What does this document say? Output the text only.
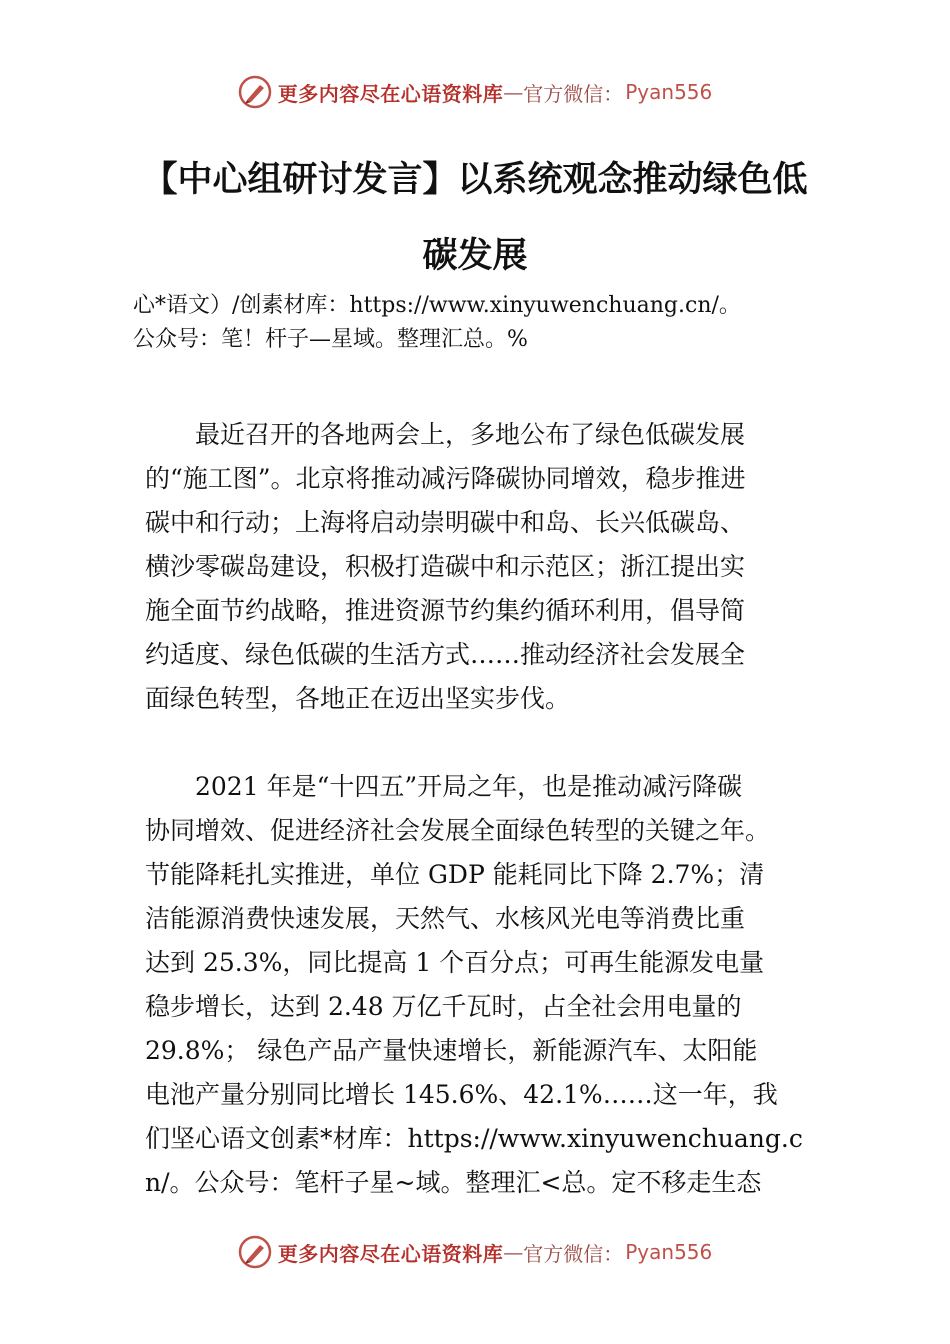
更多内容尽在心语资料库 — 官方微信： Pyan556
【中心组研讨发言】以系统观念推动绿色低
碳发展
心*语文）/创素材库：https://www.xinyuwenchuang.cn/。
公众号：笔！杆子—星域。整理汇总。%
　　最近召开的各地两会上，多地公布了绿色低碳发展
的“施工图”。北京将推动减污降碳协同增效，稳步推进
碳中和行动；上海将启动崇明碳中和岛、长兴低碳岛、
横沙零碳岛建设，积极打造碳中和示范区；浙江提出实
施全面节约战略，推进资源节约集约循环利用，倡导简
约适度、绿色低碳的生活方式……推动经济社会发展全
面绿色转型，各地正在迈出坚实步伐。
　　2021 年是“十四五”开局之年，也是推动减污降碳
协同增效、促进经济社会发展全面绿色转型的关键之年。
节能降耗扎实推进，单位 GDP 能耗同比下降 2.7%；清
洁能源消费快速发展，天然气、水核风光电等消费比重
达到 25.3%，同比提高 1 个百分点；可再生能源发电量
稳步增长，达到 2.48 万亿千瓦时，占全社会用电量的
29.8%； 绿色产品产量快速增长，新能源汽车、太阳能
电池产量分别同比增长 145.6%、42.1%……这一年，我
们坚心语文创素*材库：https://www.xinyuwenchuang.c
n/。公众号：笔杆子星~域。整理汇<总。定不移走生态
更多内容尽在心语资料库 — 官方微信： Pyan556
